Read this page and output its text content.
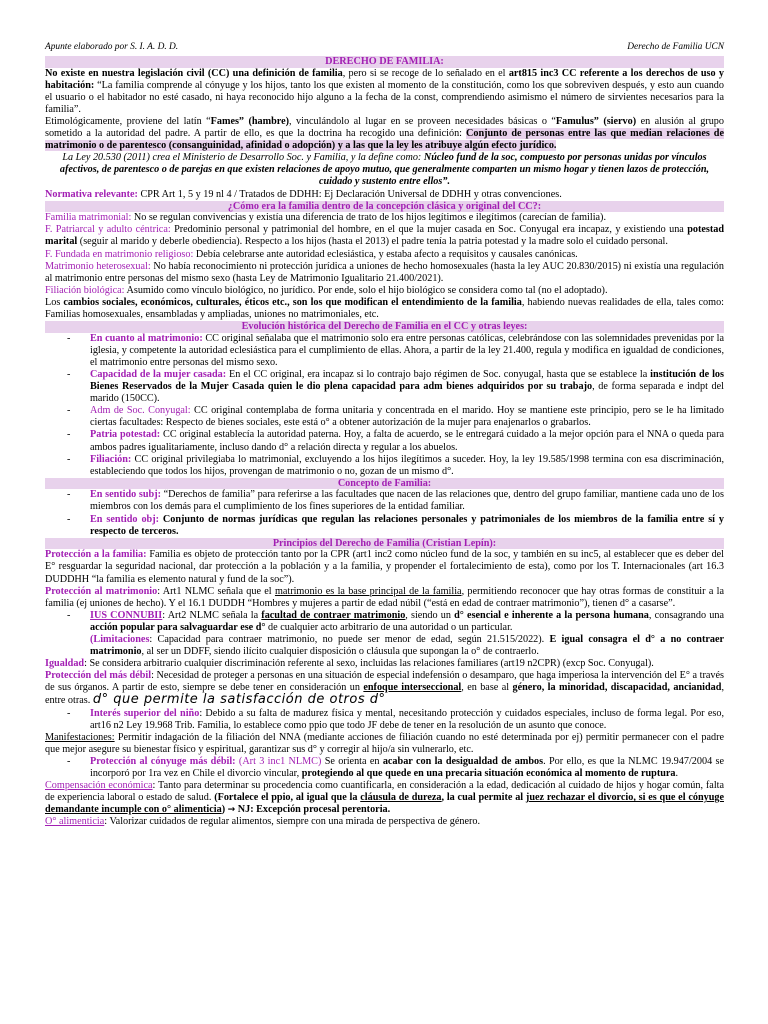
Apunte elaborado por S. I. A. D. D.	Derecho de Familia UCN
DERECHO DE FAMILIA:

No existe en nuestra legislación civil (CC) una definición de familia, pero si se recoge de lo señalado en el art815 inc3 CC referente a los derechos de uso y habitación: “La familia comprende al cónyuge y los hijos, tanto los que existen al momento de la constitución, como los que sobreviven después, y esto aun cuando el usuario o el habitador no esté casado, ni haya reconocido hijo alguno a la fecha de la const, comprendiendo asimismo el número de sirvientes necesarios para la familia”.

Etimológicamente, proviene del latín “Fames” (hambre), vinculándolo al lugar en se proveen necesidades básicas o “Famulus” (siervo) en alusión al grupo sometido a la autoridad del padre. A partir de ello, es que la doctrina ha recogido una definición: Conjunto de personas entre las que median relaciones de matrimonio o de parentesco (consanguinidad, afinidad o adopción) y a las que la ley les atribuye algún efecto jurídico.

La Ley 20.530 (2011) crea el Ministerio de Desarrollo Soc. y Familia, y la define como: Núcleo fund de la soc, compuesto por personas unidas por vínculos afectivos, de parentesco o de parejas en que existen relaciones de apoyo mutuo, que generalmente comparten un mismo hogar y tienen lazos de protección, cuidado y sustento entre ellos”.

Normativa relevante: CPR Art 1, 5 y 19 nl 4 / Tratados de DDHH: Ej Declaración Universal de DDHH y otras convenciones.

¿Cómo era la familia dentro de la concepción clásica y original del CC?:

Familia matrimonial: No se regulan convivencias y existía una diferencia de trato de los hijos legítimos e ilegítimos (carecían de familia).

F. Patriarcal y adulto céntrica: Predominio personal y patrimonial del hombre, en el que la mujer casada en Soc. Conyugal era incapaz, y existiendo una potestad marital (seguir al marido y deberle obediencia). Respecto a los hijos (hasta el 2013) el padre tenía la patria potestad y la madre solo el cuidado personal.

F. Fundada en matrimonio religioso: Debía celebrarse ante autoridad eclesiástica, y estaba afecto a requisitos y causales canónicas.

Matrimonio heterosexual: No había reconocimiento ni protección jurídica a uniones de hecho homosexuales (hasta la ley AUC 20.830/2015) ni existía una regulación al matrimonio entre personas del mismo sexo (hasta Ley de Matrimonio Igualitario 21.400/2021).

Filiación biológica: Asumido como vínculo biológico, no jurídico. Por ende, solo el hijo biológico se considera como tal (no el adoptado).

Los cambios sociales, económicos, culturales, éticos etc., son los que modifican el entendimiento de la familia, habiendo nuevas realidades de ella, tales como: Familias homosexuales, ensambladas y ampliadas, uniones no matrimoniales, etc.

Evolución histórica del Derecho de Familia en el CC y otras leyes:
- En cuanto al matrimonio: CC original señalaba que el matrimonio solo era entre personas católicas, celebrándose con las solemnidades prevenidas por la iglesia, y competente la autoridad eclesiástica para el cumplimiento de ellas. Ahora, a partir de la ley 21.400, regula y modifica en igualdad de condiciones, el matrimonio entre personas del mismo sexo.
- Capacidad de la mujer casada: En el CC original, era incapaz si lo contrajo bajo régimen de Soc. conyugal, hasta que se establece la institución de los Bienes Reservados de la Mujer Casada quien le dio plena capacidad para adm bienes adquiridos por su trabajo, de forma separada e indpt del marido (150CC).
- Adm de Soc. Conyugal: CC original contemplaba de forma unitaria y concentrada en el marido. Hoy se mantiene este principio, pero se le ha limitado ciertas facultades: Respecto de bienes sociales, este está o° a obtener autorización de la mujer para enajenarlos o grabarlos.
- Patria potestad: CC original establecía la autoridad paterna. Hoy, a falta de acuerdo, se le entregará cuidado a la mejor opción para el NNA o queda para ambos padres igualitariamente, incluso dando d° a relación directa y regular a los abuelos.
- Filiación: CC original privilegiaba lo matrimonial, excluyendo a los hijos ilegítimos a suceder. Hoy, la ley 19.585/1998 termina con esa discriminación, estableciendo que todos los hijos, provengan de matrimonio o no, gozan de un mismo d°.
Concepto de Familia:
- En sentido subj: “Derechos de familia” para referirse a las facultades que nacen de las relaciones que, dentro del grupo familiar, mantiene cada uno de los miembros con los demás para el cumplimiento de los fines superiores de la entidad familiar.
- En sentido obj: Conjunto de normas jurídicas que regulan las relaciones personales y patrimoniales de los miembros de la familia entre sí y respecto de terceros.
Principios del Derecho de Familia (Cristian Lepín):

Protección a la familia: Familia es objeto de protección tanto por la CPR (art1 inc2 como núcleo fund de la soc, y también en su inc5, al establecer que es deber del E° resguardar la seguridad nacional, dar protección a la población y a la familia, y propender el fortalecimiento de esta), como por los T. Internacionales (art 16.3 DUDDHH “la familia es elemento natural y fund de la soc”).

Protección al matrimonio: Art1 NLMC señala que el matrimonio es la base principal de la familia, permitiendo reconocer que hay otras formas de constituir a la familia (ej uniones de hecho). Y el 16.1 DUDDH “Hombres y mujeres a partir de edad núbil (“está en edad de contraer matrimonio”), tienen d° a casarse”.

- IUS CONNUBII: Art2 NLMC señala la facultad de contraer matrimonio, siendo un d° esencial e inherente a la persona humana, consagrando una acción popular para salvaguardar ese d° de cualquier acto arbitrario de una autoridad o un particular.
(Limitaciones: Capacidad para contraer matrimonio, no puede ser menor de edad, según 21.515/2022). E igual consagra el d° a no contraer matrimonio, al ser un DDFF, siendo ilícito cualquier disposición o cláusula que supongan la o° de contraerlo.

Igualdad: Se considera arbitrario cualquier discriminación referente al sexo, incluidas las relaciones familiares (art19 n2CPR) (excp Soc. Conyugal).

Protección del más débil: Necesidad de proteger a personas en una situación de especial indefensión o desamparo, que haga imperiosa la intervención del E° a través de sus órganos. A partir de esto, siempre se debe tener en consideración un enfoque interseccional, en base al género, la minoridad, discapacidad, ancianidad, entre otras. d° que permite la satisfacción de otros d°

- Interés superior del niño: Debido a su falta de madurez física y mental, necesitando protección y cuidados especiales, incluso de forma legal. Por eso, art16 n2 Ley 19.968 Trib. Familia, lo establece como ppio que todo JF debe de tener en la resolución de un asunto que conoce.

Manifestaciones: Permitir indagación de la filiación del NNA (mediante acciones de filiación cuando no esté determinada por ej) permitir permanecer con el padre que mejor asegure su bienestar físico y espiritual, garantizar sus d° y corregir al hijo/a sin vulnerarlo, etc.

- Protección al cónyuge más débil: (Art 3 inc1 NLMC) Se orienta en acabar con la desigualdad de ambos. Por ello, es que la NLMC 19.947/2004 se incorporó por 1ra vez en Chile el divorcio vincular, protegiendo al que quede en una precaria situación económica al momento de ruptura.

Compensación económica: Tanto para determinar su procedencia como cuantificarla, en consideración a la edad, dedicación al cuidado de hijos y hogar común, falta de experiencia laboral o estado de salud. (Fortalece el ppio, al igual que la cláusula de dureza, la cual permite al juez rechazar el divorcio, si es que el cónyuge demandante incumple con o° alimenticia) → NJ: Excepción procesal perentoria.

O° alimenticia: Valorizar cuidados de regular alimentos, siempre con una mirada de perspectiva de género.
